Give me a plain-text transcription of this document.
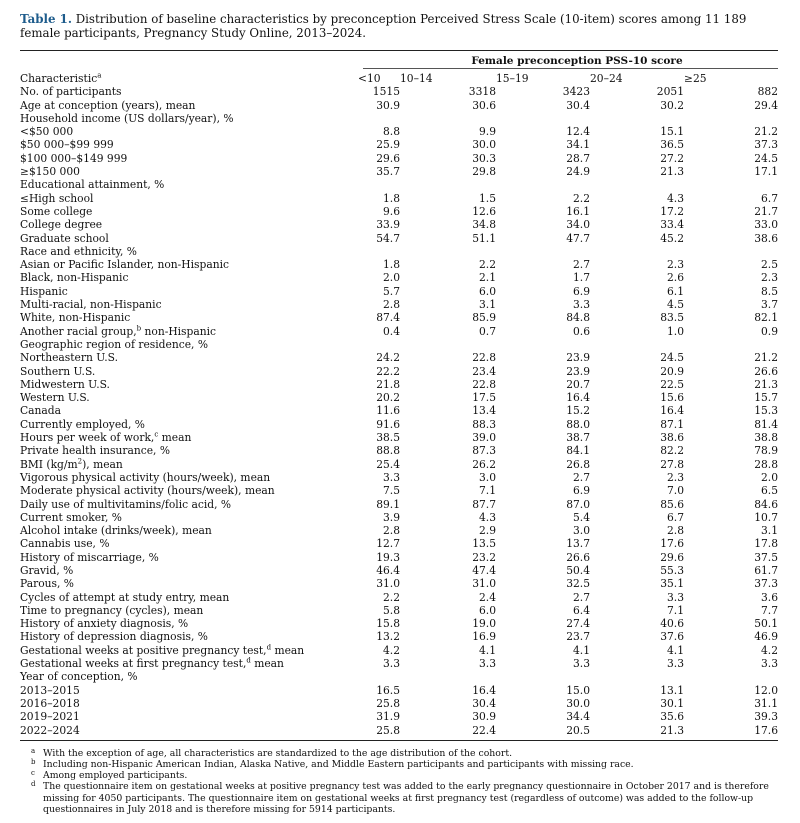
Table 1. Distribution of baseline characteristics by preconception Perceived Stress Scale (10-item) scores among 11 189 female participants, Pregnancy Study Online, 2013–2024.

Female preconception PSS-10 score
Characteristic$^a$	<10	10–14	15–19	20–24	≥25
No. of participants	1515	3318	3423	2051	882
Age at conception (years), mean	30.9	30.6	30.4	30.2	29.4
Household income (US dollars/year), %					
<$50 000	8.8	9.9	12.4	15.1	21.2
$50 000–$99 999	25.9	30.0	34.1	36.5	37.3
$100 000–$149 999	29.6	30.3	28.7	27.2	24.5
≥$150 000	35.7	29.8	24.9	21.3	17.1
Educational attainment, %					
≤High school	1.8	1.5	2.2	4.3	6.7
Some college	9.6	12.6	16.1	17.2	21.7
College degree	33.9	34.8	34.0	33.4	33.0
Graduate school	54.7	51.1	47.7	45.2	38.6
Race and ethnicity, %					
Asian or Pacific Islander, non-Hispanic	1.8	2.2	2.7	2.3	2.5
Black, non-Hispanic	2.0	2.1	1.7	2.6	2.3
Hispanic	5.7	6.0	6.9	6.1	8.5
Multi-racial, non-Hispanic	2.8	3.1	3.3	4.5	3.7
White, non-Hispanic	87.4	85.9	84.8	83.5	82.1
Another racial group,$^b$ non-Hispanic	0.4	0.7	0.6	1.0	0.9
Geographic region of residence, %					
Northeastern U.S.	24.2	22.8	23.9	24.5	21.2
Southern U.S.	22.2	23.4	23.9	20.9	26.6
Midwestern U.S.	21.8	22.8	20.7	22.5	21.3
Western U.S.	20.2	17.5	16.4	15.6	15.7
Canada	11.6	13.4	15.2	16.4	15.3
Currently employed, %	91.6	88.3	88.0	87.1	81.4
Hours per week of work,$^c$ mean	38.5	39.0	38.7	38.6	38.8
Private health insurance, %	88.8	87.3	84.1	82.2	78.9
BMI $(kg/m^2)$, mean	25.4	26.2	26.8	27.8	28.8
Vigorous physical activity (hours/week), mean	3.3	3.0	2.7	2.3	2.0
Moderate physical activity (hours/week), mean	7.5	7.1	6.9	7.0	6.5
Daily use of multivitamins/folic acid, %	89.1	87.7	87.0	85.6	84.6
Current smoker, %	3.9	4.3	5.4	6.7	10.7
Alcohol intake (drinks/week), mean	2.8	2.9	3.0	2.8	3.1
Cannabis use, %	12.7	13.5	13.7	17.6	17.8
History of miscarriage, %	19.3	23.2	26.6	29.6	37.5
Gravid, %	46.4	47.4	50.4	55.3	61.7
Parous, %	31.0	31.0	32.5	35.1	37.3
Cycles of attempt at study entry, mean	2.2	2.4	2.7	3.3	3.6
Time to pregnancy (cycles), mean	5.8	6.0	6.4	7.1	7.7
History of anxiety diagnosis, %	15.8	19.0	27.4	40.6	50.1
History of depression diagnosis, %	13.2	16.9	23.7	37.6	46.9
Gestational weeks at positive pregnancy test,$^d$ mean	4.2	4.1	4.1	4.1	4.2
Gestational weeks at first pregnancy test,$^d$ mean	3.3	3.3	3.3	3.3	3.3
Year of conception, %					
2013–2015	16.5	16.4	15.0	13.1	12.0
2016–2018	25.8	30.4	30.0	30.1	31.1
2019–2021	31.9	30.9	34.4	35.6	39.3
2022–2024	25.8	22.4	20.5	21.3	17.6
a With the exception of age, all characteristics are standardized to the age distribution of the cohort.
b Including non-Hispanic American Indian, Alaska Native, and Middle Eastern participants and participants with missing race.
c Among employed participants.
d The questionnaire item on gestational weeks at positive pregnancy test was added to the early pregnancy questionnaire in October 2017 and is therefore missing for 4050 participants. The questionnaire item on gestational weeks at first pregnancy test (regardless of outcome) was added to the follow-up questionnaires in July 2018 and is therefore missing for 5914 participants.
